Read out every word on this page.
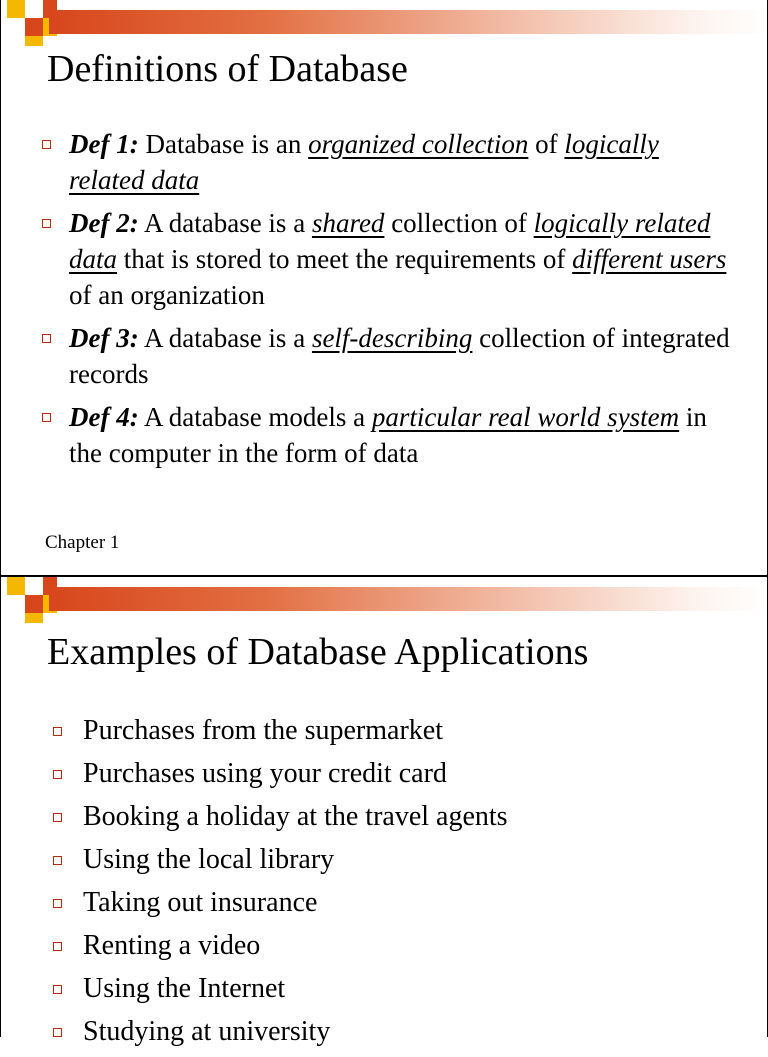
Definitions of Database
Def 1: Database is an organized collection of logically related data
Def 2: A database is a shared collection of logically related data that is stored to meet the requirements of different users of an organization
Def 3: A database is a self-describing collection of integrated records
Def 4: A database models a particular real world system in the computer in the form of data
Chapter 1
Examples of Database Applications
Purchases from the supermarket
Purchases using your credit card
Booking a holiday at the travel agents
Using the local library
Taking out insurance
Renting a video
Using the Internet
Studying at university
